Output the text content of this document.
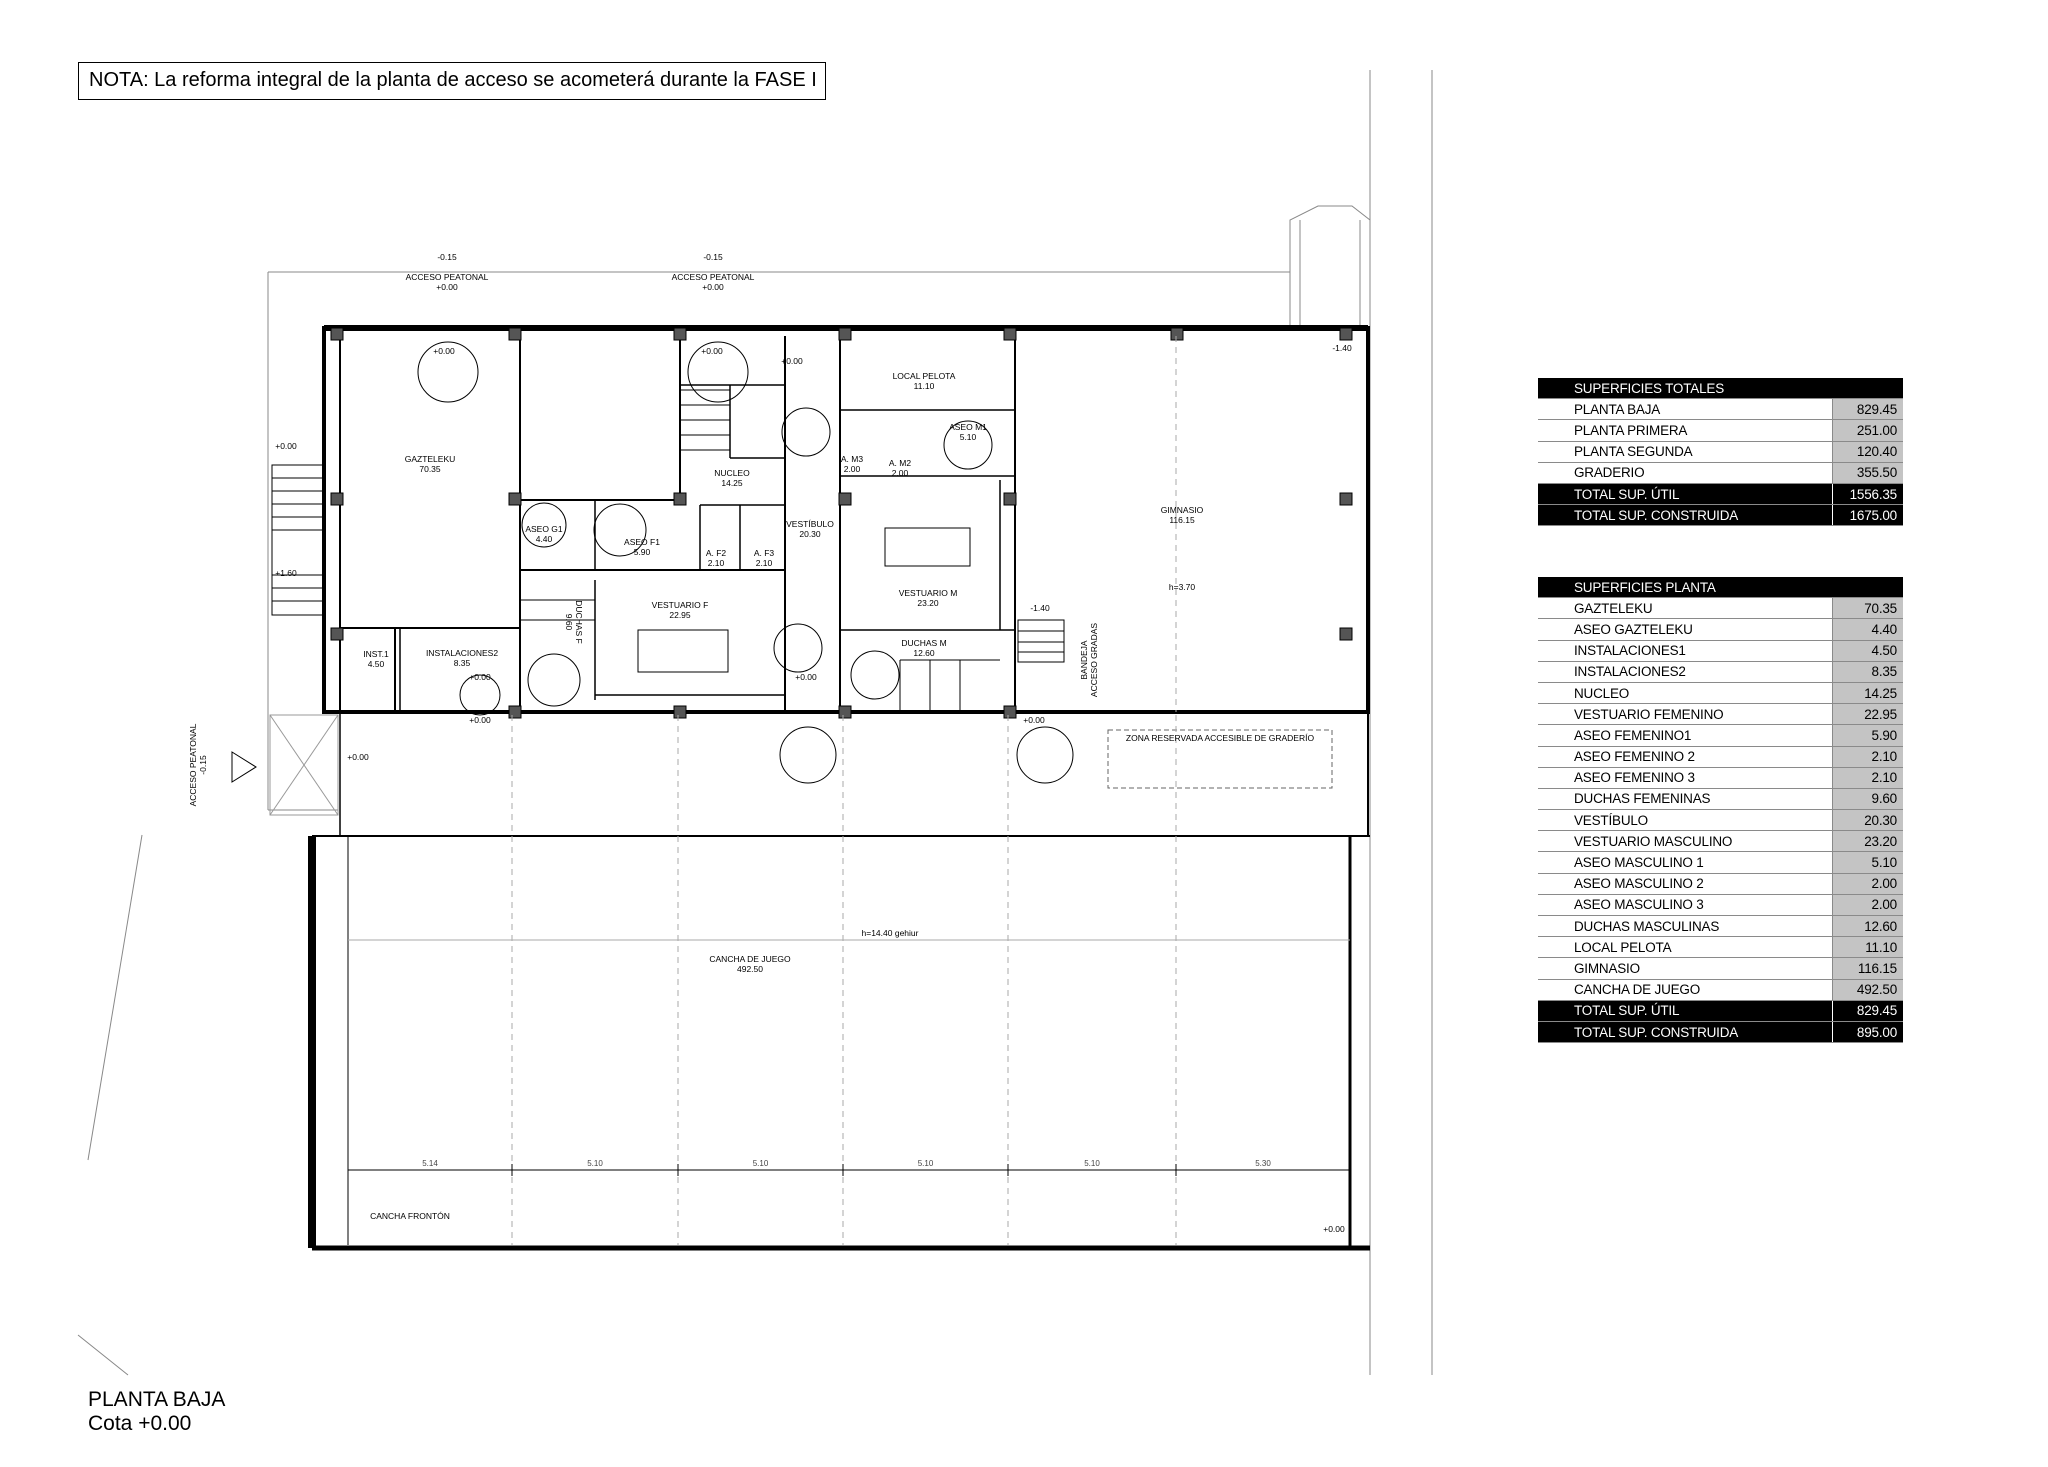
NOTA: La reforma integral de la planta de acceso se acometerá durante la FASE I
-0.15	-0.15
ACCESO PEATONAL
+0.00
ACCESO PEATONAL
+0.00
ACCESO PEATONAL -0.15
+0.00
+1.60
+0.00	+0.00
+0.00
-1.40
-1.40
+0.00
+0.00
+0.00
+0.00
+0.00
+0.00
GAZTELEKU
70.35	NUCLEO
14.25
LOCAL PELOTA
11.10
ASEO M1
5.10
A. M3
2.00
A. M2
2.00
ASEO G1
4.40	ASEO F1
5.90	A. F2
2.10
A. F3
2.10
VESTÍBULO
20.30
VESTUARIO M
23.20
VESTUARIO F
22.95
DUCHAS F
9.60
DUCHAS M
12.60
GIMNASIO
116.15
h=3.70
INST.1
4.50
INSTALACIONES2
8.35	BANDEJA ACCESO GRADAS
ZONA RESERVADA ACCESIBLE DE GRADERÍO
h=14.40 gehiur
CANCHA DE JUEGO
492.50
CANCHA FRONTÓN
5.14	5.10	5.10	5.10	5.10	5.30
SUPERFICIES TOTALES	
PLANTA BAJA	829.45
PLANTA PRIMERA	251.00
PLANTA SEGUNDA	120.40
GRADERIO	355.50
TOTAL SUP. ÚTIL	1556.35
TOTAL SUP. CONSTRUIDA	1675.00
SUPERFICIES PLANTA	
GAZTELEKU	70.35
ASEO GAZTELEKU	4.40
INSTALACIONES1	4.50
INSTALACIONES2	8.35
NUCLEO	14.25
VESTUARIO FEMENINO	22.95
ASEO FEMENINO1	5.90
ASEO FEMENINO 2	2.10
ASEO FEMENINO 3	2.10
DUCHAS FEMENINAS	9.60
VESTÍBULO	20.30
VESTUARIO MASCULINO	23.20
ASEO MASCULINO 1	5.10
ASEO MASCULINO 2	2.00
ASEO MASCULINO 3	2.00
DUCHAS MASCULINAS	12.60
LOCAL PELOTA	11.10
GIMNASIO	116.15
CANCHA DE JUEGO	492.50
TOTAL SUP. ÚTIL	829.45
TOTAL SUP. CONSTRUIDA	895.00
PLANTA BAJA
Cota +0.00
